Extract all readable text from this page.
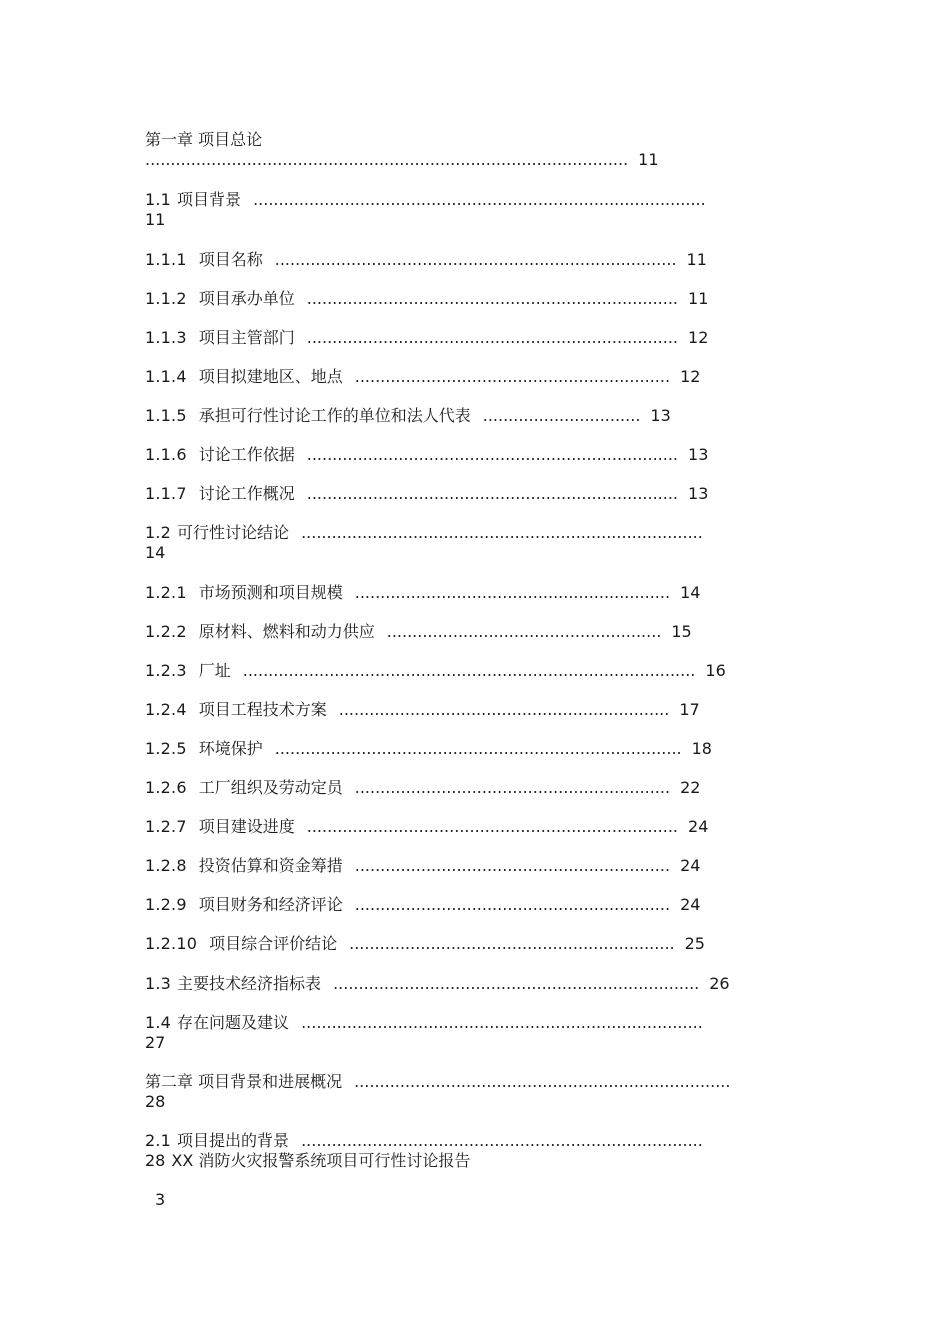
第一章 项目总论
............................................................................................... 11
1.1 项目背景 .........................................................................................
11
1.1.1 项目名称 ............................................................................... 11
1.1.2 项目承办单位 ......................................................................... 11
1.1.3 项目主管部门 ......................................................................... 12
1.1.4 项目拟建地区、地点 .............................................................. 12
1.1.5 承担可行性讨论工作的单位和法人代表 ............................... 13
1.1.6 讨论工作依据 ......................................................................... 13
1.1.7 讨论工作概况 ......................................................................... 13
1.2 可行性讨论结论 ...............................................................................
14
1.2.1 市场预测和项目规模 .............................................................. 14
1.2.2 原材料、燃料和动力供应 ...................................................... 15
1.2.3 厂址 ......................................................................................... 16
1.2.4 项目工程技术方案 ................................................................. 17
1.2.5 环境保护 ................................................................................ 18
1.2.6 工厂组织及劳动定员 .............................................................. 22
1.2.7 项目建设进度 ......................................................................... 24
1.2.8 投资估算和资金筹措 .............................................................. 24
1.2.9 项目财务和经济评论 .............................................................. 24
1.2.10 项目综合评价结论 ................................................................ 25
1.3 主要技术经济指标表 ........................................................................ 26
1.4 存在问题及建议 ...............................................................................
27
第二章 项目背景和进展概况 ..........................................................................
28
2.1 项目提出的背景 ...............................................................................
28 XX 消防火灾报警系统项目可行性讨论报告
3
